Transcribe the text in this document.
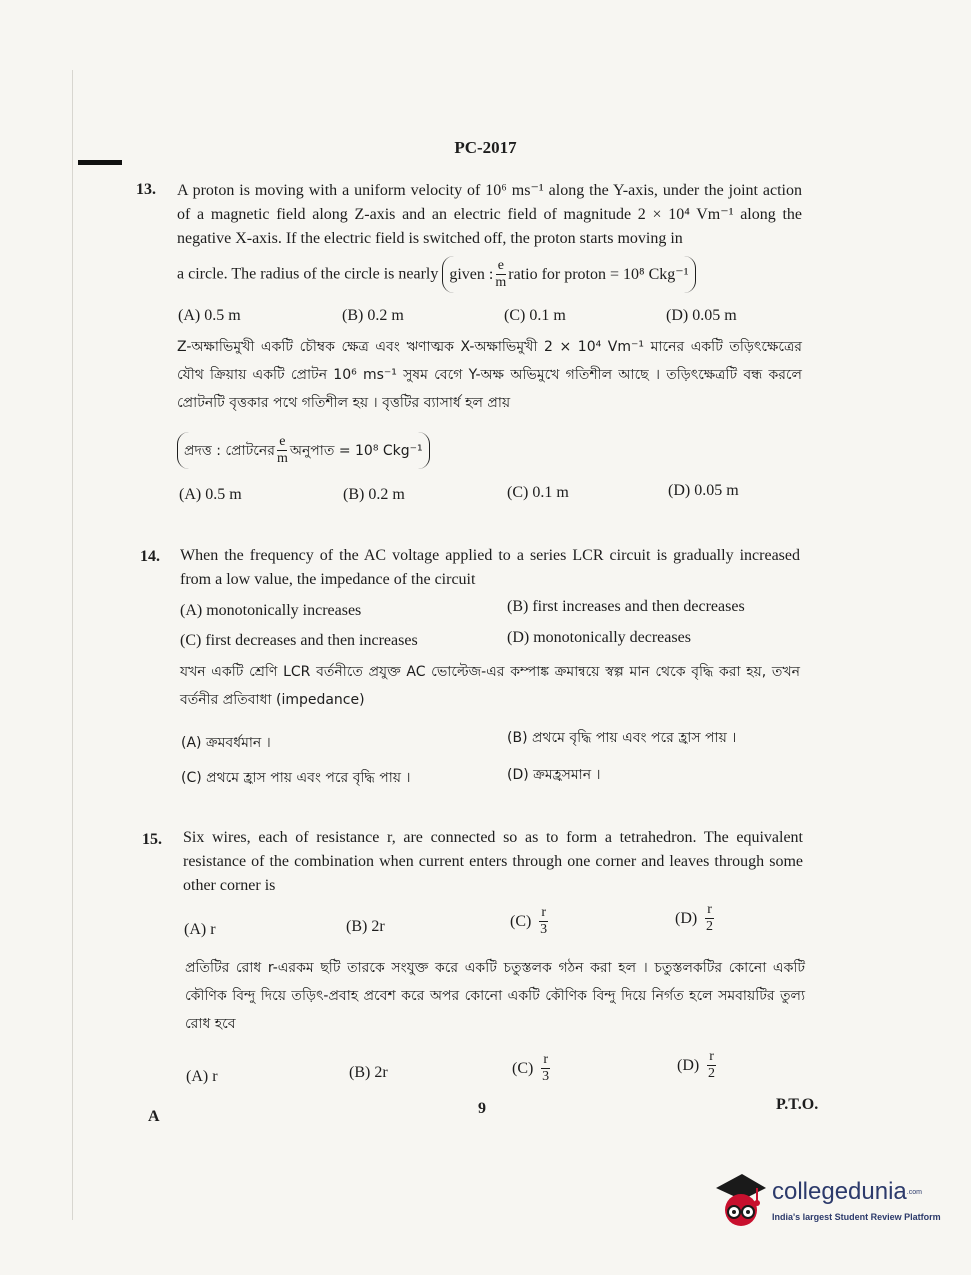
PC-2017
13. A proton is moving with a uniform velocity of 10⁶ ms⁻¹ along the Y-axis, under the joint action of a magnetic field along Z-axis and an electric field of magnitude 2 × 10⁴ Vm⁻¹ along the negative X-axis. If the electric field is switched off, the proton starts moving in
a circle. The radius of the circle is nearly given : $\frac{e}{m}$ ratio for proton = 10⁸ Ckg⁻¹
(A) 0.5 m	(B) 0.2 m	(C) 0.1 m	(D) 0.05 m
Z-অক্ষাভিমুখী একটি চৌম্বক ক্ষেত্র এবং ঋণাত্মক X-অক্ষাভিমুখী 2 × 10⁴ Vm⁻¹ মানের একটি তড়িৎক্ষেত্রের যৌথ ক্রিয়ায় একটি প্রোটন 10⁶ ms⁻¹ সুষম বেগে Y-অক্ষ অভিমুখে গতিশীল আছে । তড়িৎক্ষেত্রটি বন্ধ করলে প্রোটনটি বৃত্তকার পথে গতিশীল হয় । বৃত্তটির ব্যাসার্ধ হল প্রায়
প্রদত্ত : প্রোটনের $\frac{e}{m}$ অনুপাত = 10⁸ Ckg⁻¹
(A) 0.5 m	(B) 0.2 m	(C) 0.1 m	(D) 0.05 m
14. When the frequency of the AC voltage applied to a series LCR circuit is gradually increased from a low value, the impedance of the circuit
(A) monotonically increases	(B) first increases and then decreases
(C) first decreases and then increases	(D) monotonically decreases
যখন একটি শ্রেণি LCR বর্তনীতে প্রযুক্ত AC ভোল্টেজ-এর কম্পাঙ্ক ক্রমান্বয়ে স্বল্প মান থেকে বৃদ্ধি করা হয়, তখন বর্তনীর প্রতিবাধা (impedance)
(A) ক্রমবর্ধমান ।	(B) প্রথমে বৃদ্ধি পায় এবং পরে হ্রাস পায় ।
(C) প্রথমে হ্রাস পায় এবং পরে বৃদ্ধি পায় ।	(D) ক্রমহ্রসমান ।
15. Six wires, each of resistance r, are connected so as to form a tetrahedron. The equivalent resistance of the combination when current enters through one corner and leaves through some other corner is
(A) r	(B) 2r	$(C) \frac{r}{3}$	$(D) \frac{r}{2}$
প্রতিটির রোধ r-এরকম ছটি তারকে সংযুক্ত করে একটি চতুস্তলক গঠন করা হল । চতুস্তলকটির কোনো একটি কৌণিক বিন্দু দিয়ে তড়িৎ-প্রবাহ প্রবেশ করে অপর কোনো একটি কৌণিক বিন্দু দিয়ে নির্গত হলে সমবায়টির তুল্য রোধ হবে
(A) r	(B) 2r	$(C) \frac{r}{3}$	$(D) \frac{r}{2}$
A	9	P.T.O.
collegedunia.com
India's largest Student Review Platform
